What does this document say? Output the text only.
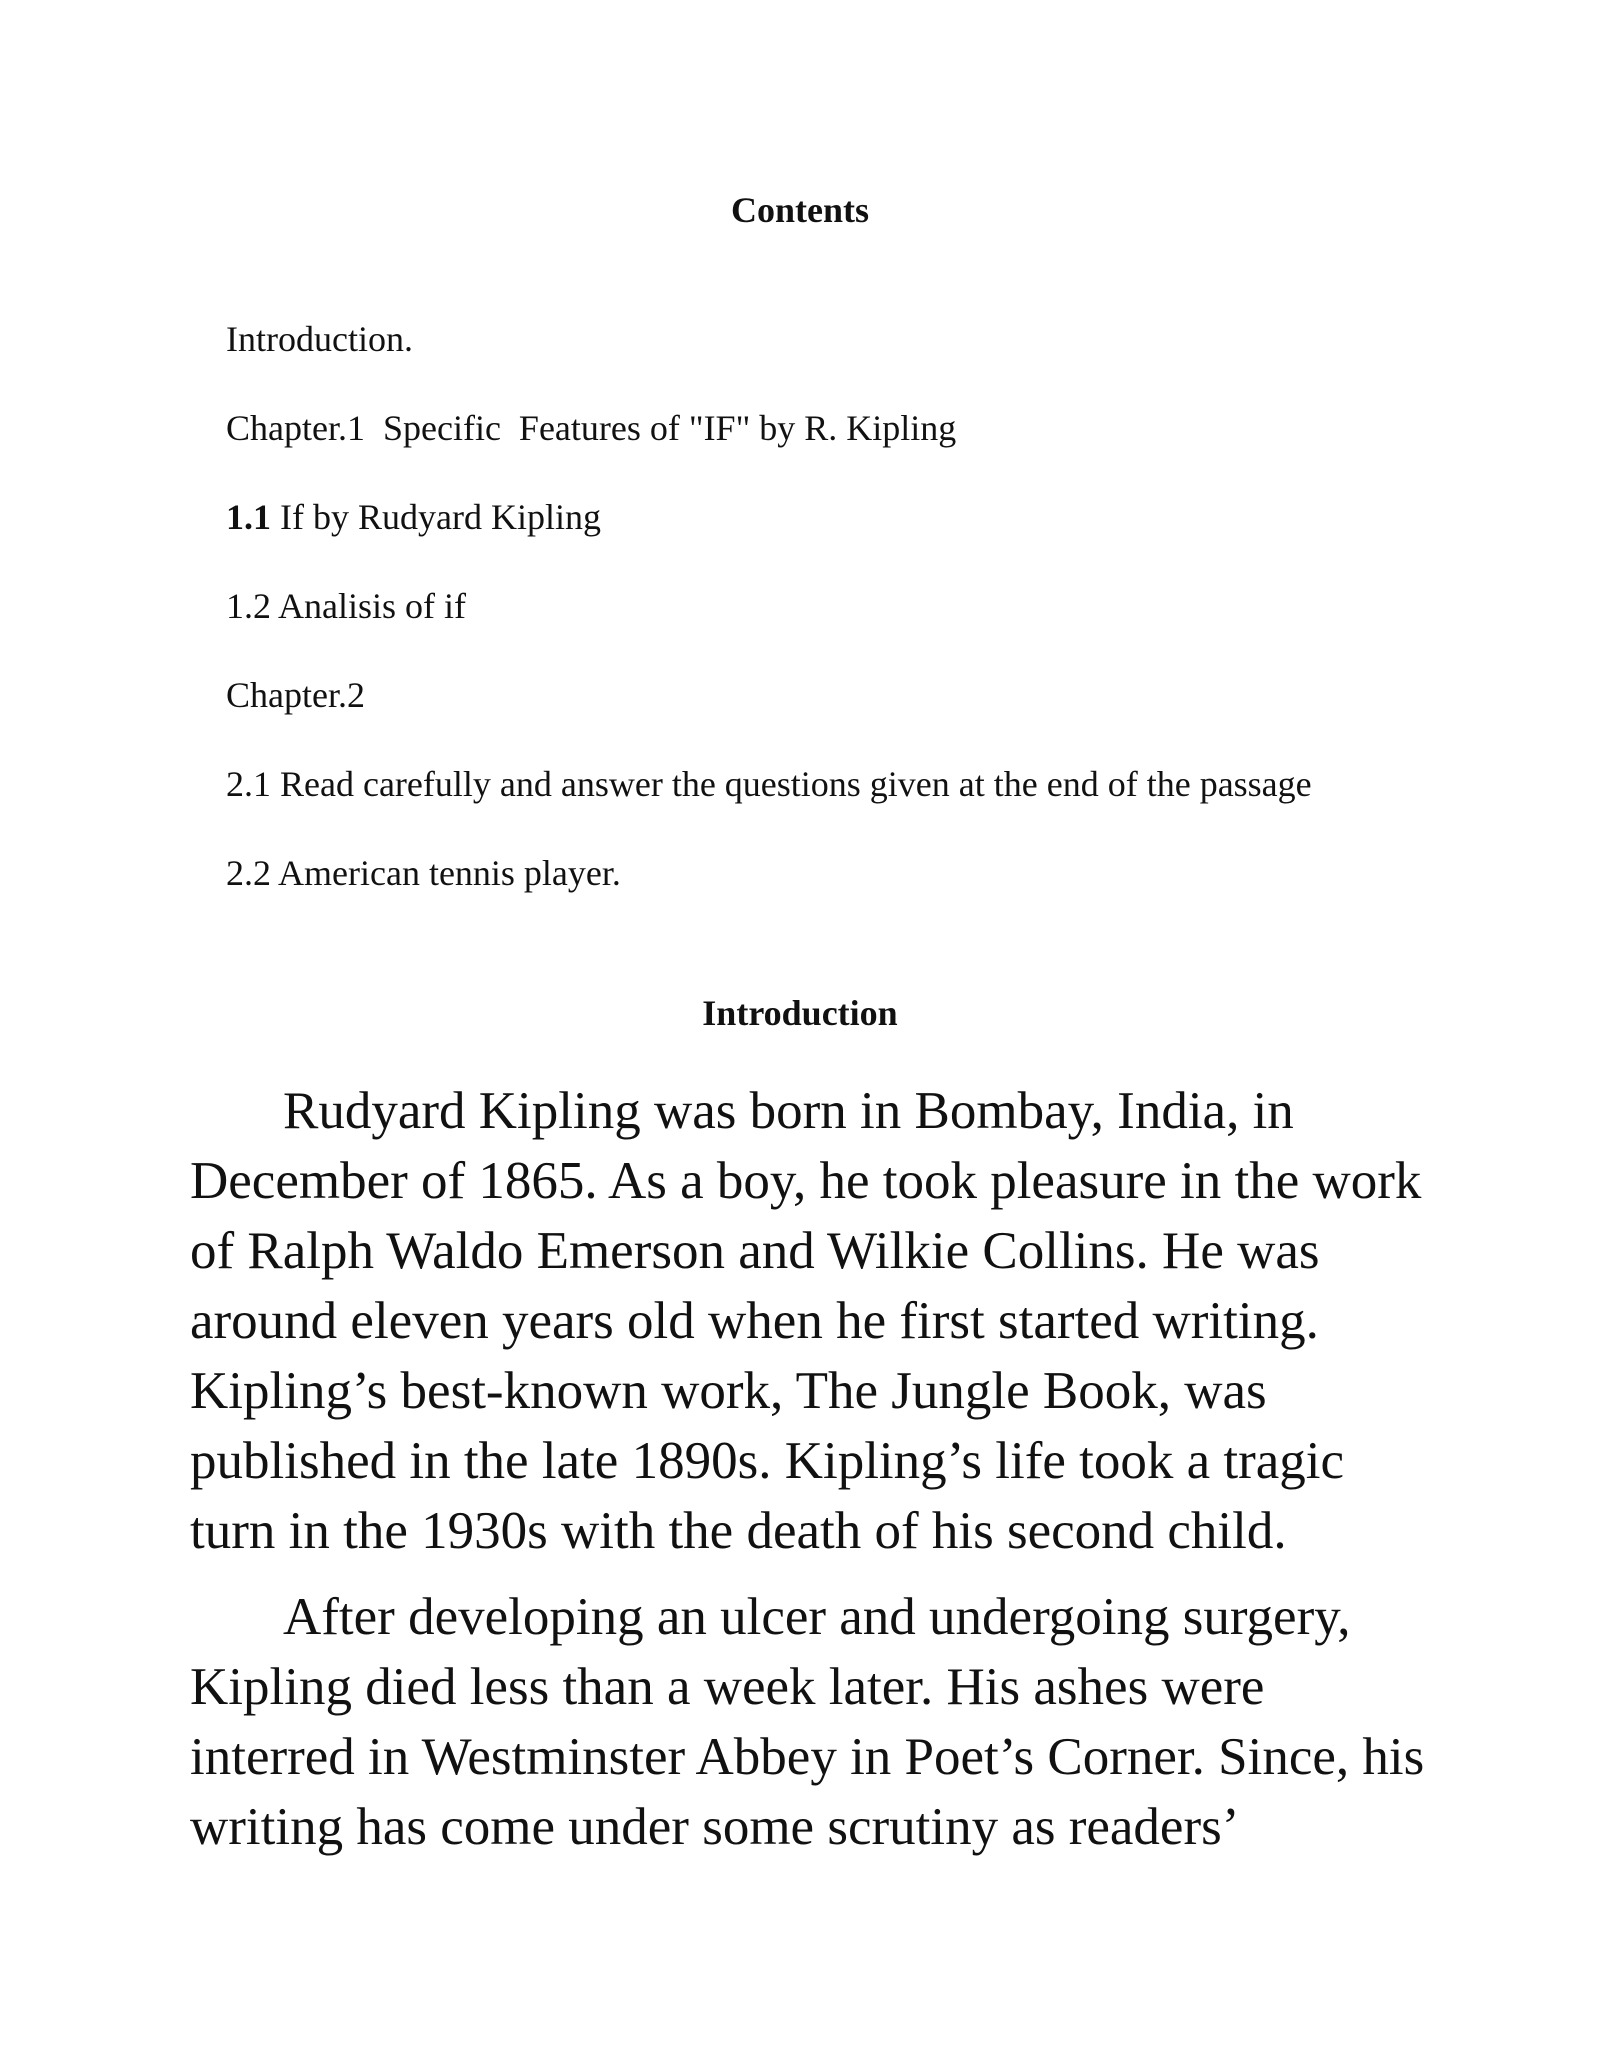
Contents

Introduction.

Chapter.1  Specific  Features of "IF" by R. Kipling

1.1 If by Rudyard Kipling

1.2 Analisis of if

Chapter.2

2.1 Read carefully and answer the questions given at the end of the passage

2.2 American tennis player.

Introduction
Rudyard Kipling was born in Bombay, India, in December of 1865. As a boy, he took pleasure in the work of Ralph Waldo Emerson and Wilkie Collins. He was around eleven years old when he first started writing. Kipling’s best-known work, The Jungle Book, was published in the late 1890s. Kipling’s life took a tragic turn in the 1930s with the death of his second child.
After developing an ulcer and undergoing surgery, Kipling died less than a week later. His ashes were interred in Westminster Abbey in Poet’s Corner. Since, his writing has come under some scrutiny as readers’
